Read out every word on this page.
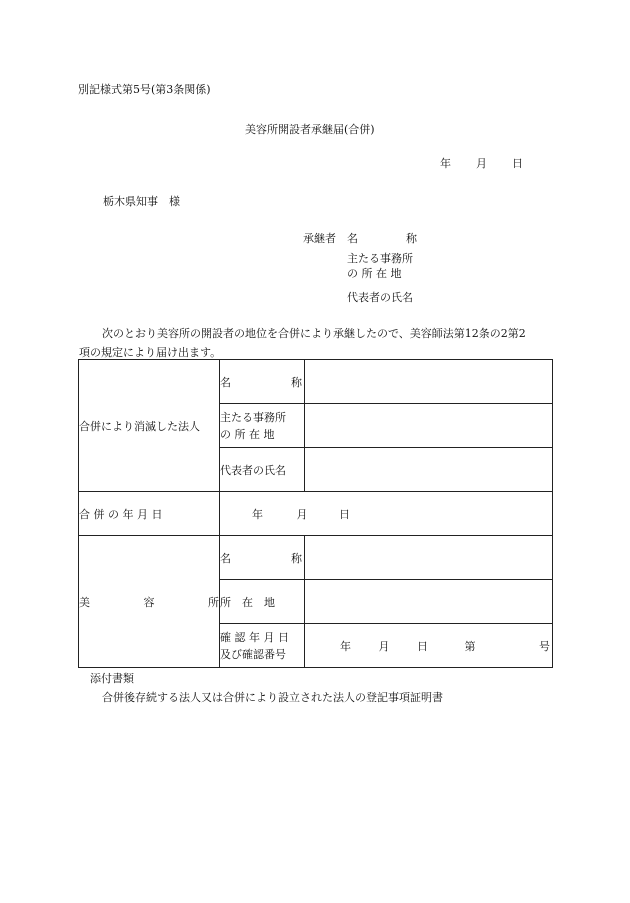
別記様式第5号(第3条関係)
美容所開設者承継届(合併)
年 月 日
栃木県知事　様
承継者 名	称
主たる事務所
の 所 在 地
代表者の氏名
次のとおり美容所の開設者の地位を合併により承継したので、美容師法第12条の2第2
項の規定により届け出ます。
合併により消滅した法人	名 称	

	主たる事務所
の 所 在 地	

	代表者の氏名	
合 併 の 年 月 日	年 月 日	

美 容 所	名 称	

	所　在　地	

	確 認 年 月 日
及び確認番号	年 月 日 第 号
添付書類
合併後存続する法人又は合併により設立された法人の登記事項証明書
